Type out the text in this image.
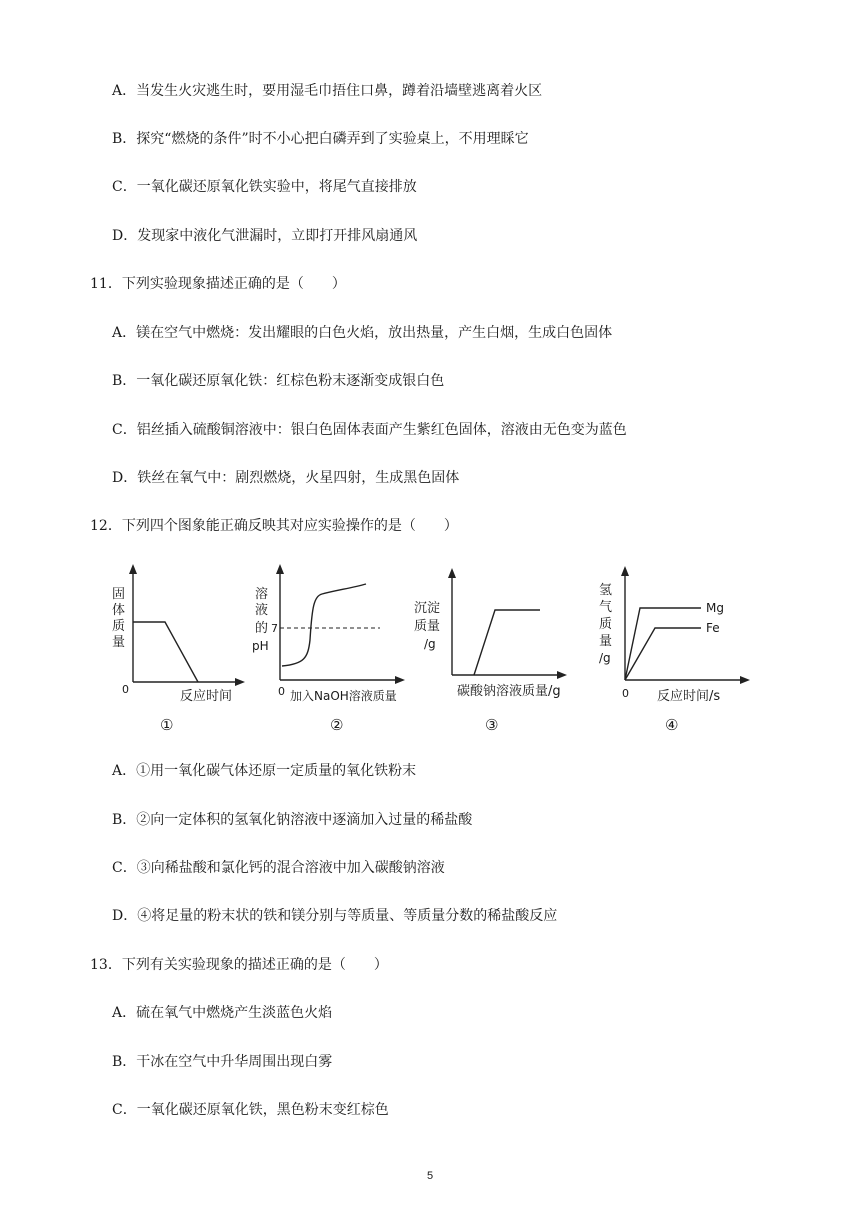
A．当发生火灾逃生时，要用湿毛巾捂住口鼻，蹲着沿墙壁逃离着火区
B．探究“燃烧的条件”时不小心把白磷弄到了实验桌上，不用理睬它
C．一氧化碳还原氧化铁实验中，将尾气直接排放
D．发现家中液化气泄漏时，立即打开排风扇通风
11．下列实验现象描述正确的是（　　）
A．镁在空气中燃烧：发出耀眼的白色火焰，放出热量，产生白烟，生成白色固体
B．一氧化碳还原氧化铁：红棕色粉末逐渐变成银白色
C．铝丝插入硫酸铜溶液中：银白色固体表面产生紫红色固体，溶液由无色变为蓝色
D．铁丝在氧气中：剧烈燃烧，火星四射，生成黑色固体
12．下列四个图象能正确反映其对应实验操作的是（　　）
固
体
质
量
0	反应时间
①
溶
液
的
pH
7
0 加入NaOH溶液质量
②
沉淀
质量
/g
碳酸钠溶液质量/g
③
氢
气
质
量
/g
Mg
Fe
0 反应时间/s
④
A．①用一氧化碳气体还原一定质量的氧化铁粉末
B．②向一定体积的氢氧化钠溶液中逐滴加入过量的稀盐酸
C．③向稀盐酸和氯化钙的混合溶液中加入碳酸钠溶液
D．④将足量的粉末状的铁和镁分别与等质量、等质量分数的稀盐酸反应
13．下列有关实验现象的描述正确的是（　　）
A．硫在氧气中燃烧产生淡蓝色火焰
B．干冰在空气中升华周围出现白雾
C．一氧化碳还原氧化铁，黑色粉末变红棕色
5
